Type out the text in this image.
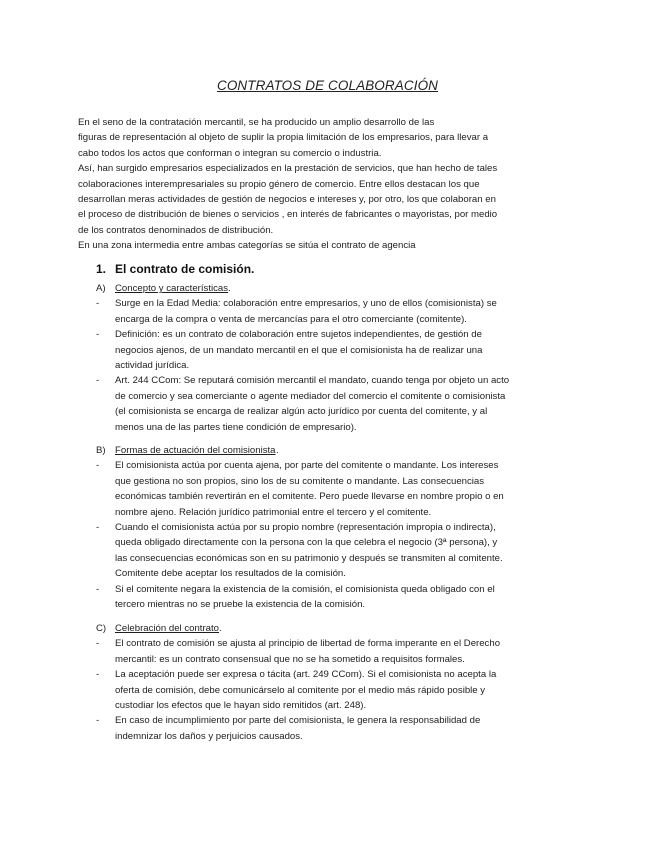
CONTRATOS DE COLABORACIÓN
En el seno de la contratación mercantil, se ha producido un amplio desarrollo de las
figuras de representación al objeto de suplir la propia limitación de los empresarios, para llevar a
cabo todos los actos que conforman o integran su comercio o industria.
Así, han surgido empresarios especializados en la prestación de servicios, que han hecho de tales
colaboraciones interempresariales su propio género de comercio. Entre ellos destacan los que
desarrollan meras actividades de gestión de negocios e intereses y, por otro, los que colaboran en
el proceso de distribución de bienes o servicios , en interés de fabricantes o mayoristas, por medio
de los contratos denominados de distribución.
En una zona intermedia entre ambas categorías se sitúa el contrato de agencia
1. El contrato de comisión.
A) Concepto y características .
- Surge en la Edad Media: colaboración entre empresarios, y uno de ellos (comisionista) se
encarga de la compra o venta de mercancías para el otro comerciante (comitente).
- Definición: es un contrato de colaboración entre sujetos independientes, de gestión de
negocios ajenos, de un mandato mercantil en el que el comisionista ha de realizar una
actividad jurídica.
- Art. 244 CCom: Se reputará comisión mercantil el mandato, cuando tenga por objeto un acto
de comercio y sea comerciante o agente mediador del comercio el comitente o comisionista
(el comisionista se encarga de realizar algún acto jurídico por cuenta del comitente, y al
menos una de las partes tiene condición de empresario).
B) Formas de actuación del comisionista .
- El comisionista actúa por cuenta ajena, por parte del comitente o mandante. Los intereses
que gestiona no son propios, sino los de su comitente o mandante. Las consecuencias
económicas también revertirán en el comitente. Pero puede llevarse en nombre propio o en
nombre ajeno. Relación jurídico patrimonial entre el tercero y el comitente.
- Cuando el comisionista actúa por su propio nombre (representación impropia o indirecta),
queda obligado directamente con la persona con la que celebra el negocio (3ª persona), y
las consecuencias económicas son en su patrimonio y después se transmiten al comitente.
Comitente debe aceptar los resultados de la comisión.
- Si el comitente negara la existencia de la comisión, el comisionista queda obligado con el
tercero mientras no se pruebe la existencia de la comisión.
C) Celebración del contrato .
- El contrato de comisión se ajusta al principio de libertad de forma imperante en el Derecho
mercantil: es un contrato consensual que no se ha sometido a requisitos formales.
- La aceptación puede ser expresa o tácita (art. 249 CCom). Si el comisionista no acepta la
oferta de comisión, debe comunicárselo al comitente por el medio más rápido posible y
custodiar los efectos que le hayan sido remitidos (art. 248).
- En caso de incumplimiento por parte del comisionista, le genera la responsabilidad de
indemnizar los daños y perjuicios causados.
